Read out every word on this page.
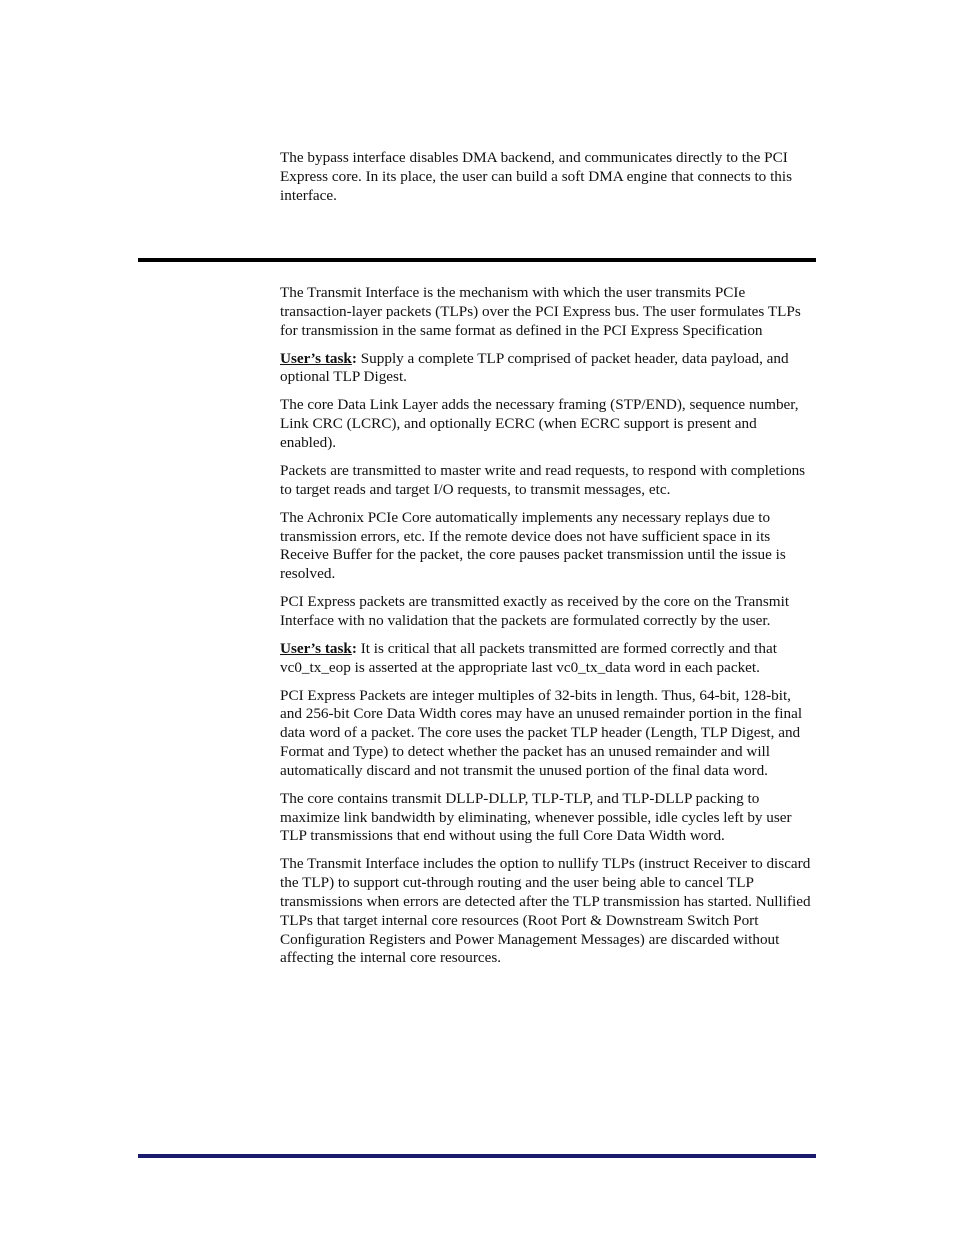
The bypass interface disables DMA backend, and communicates directly to the PCI Express core. In its place, the user can build a soft DMA engine that connects to this interface.

The Transmit Interface is the mechanism with which the user transmits PCIe transaction-layer packets (TLPs) over the PCI Express bus. The user formulates TLPs for transmission in the same format as defined in the PCI Express Specification

User’s task: Supply a complete TLP comprised of packet header, data payload, and optional TLP Digest.

The core Data Link Layer adds the necessary framing (STP/END), sequence number, Link CRC (LCRC), and optionally ECRC (when ECRC support is present and enabled).

Packets are transmitted to master write and read requests, to respond with completions to target reads and target I/O requests, to transmit messages, etc.

The Achronix PCIe Core automatically implements any necessary replays due to transmission errors, etc. If the remote device does not have sufficient space in its Receive Buffer for the packet, the core pauses packet transmission until the issue is resolved.

PCI Express packets are transmitted exactly as received by the core on the Transmit Interface with no validation that the packets are formulated correctly by the user.

User’s task: It is critical that all packets transmitted are formed correctly and that vc0_tx_eop is asserted at the appropriate last vc0_tx_data word in each packet.

PCI Express Packets are integer multiples of 32-bits in length. Thus, 64-bit, 128-bit, and 256-bit Core Data Width cores may have an unused remainder portion in the final data word of a packet. The core uses the packet TLP header (Length, TLP Digest, and Format and Type) to detect whether the packet has an unused remainder and will automatically discard and not transmit the unused portion of the final data word.

The core contains transmit DLLP-DLLP, TLP-TLP, and TLP-DLLP packing to maximize link bandwidth by eliminating, whenever possible, idle cycles left by user TLP transmissions that end without using the full Core Data Width word.

The Transmit Interface includes the option to nullify TLPs (instruct Receiver to discard the TLP) to support cut-through routing and the user being able to cancel TLP transmissions when errors are detected after the TLP transmission has started. Nullified TLPs that target internal core resources (Root Port & Downstream Switch Port Configuration Registers and Power Management Messages) are discarded without affecting the internal core resources.
